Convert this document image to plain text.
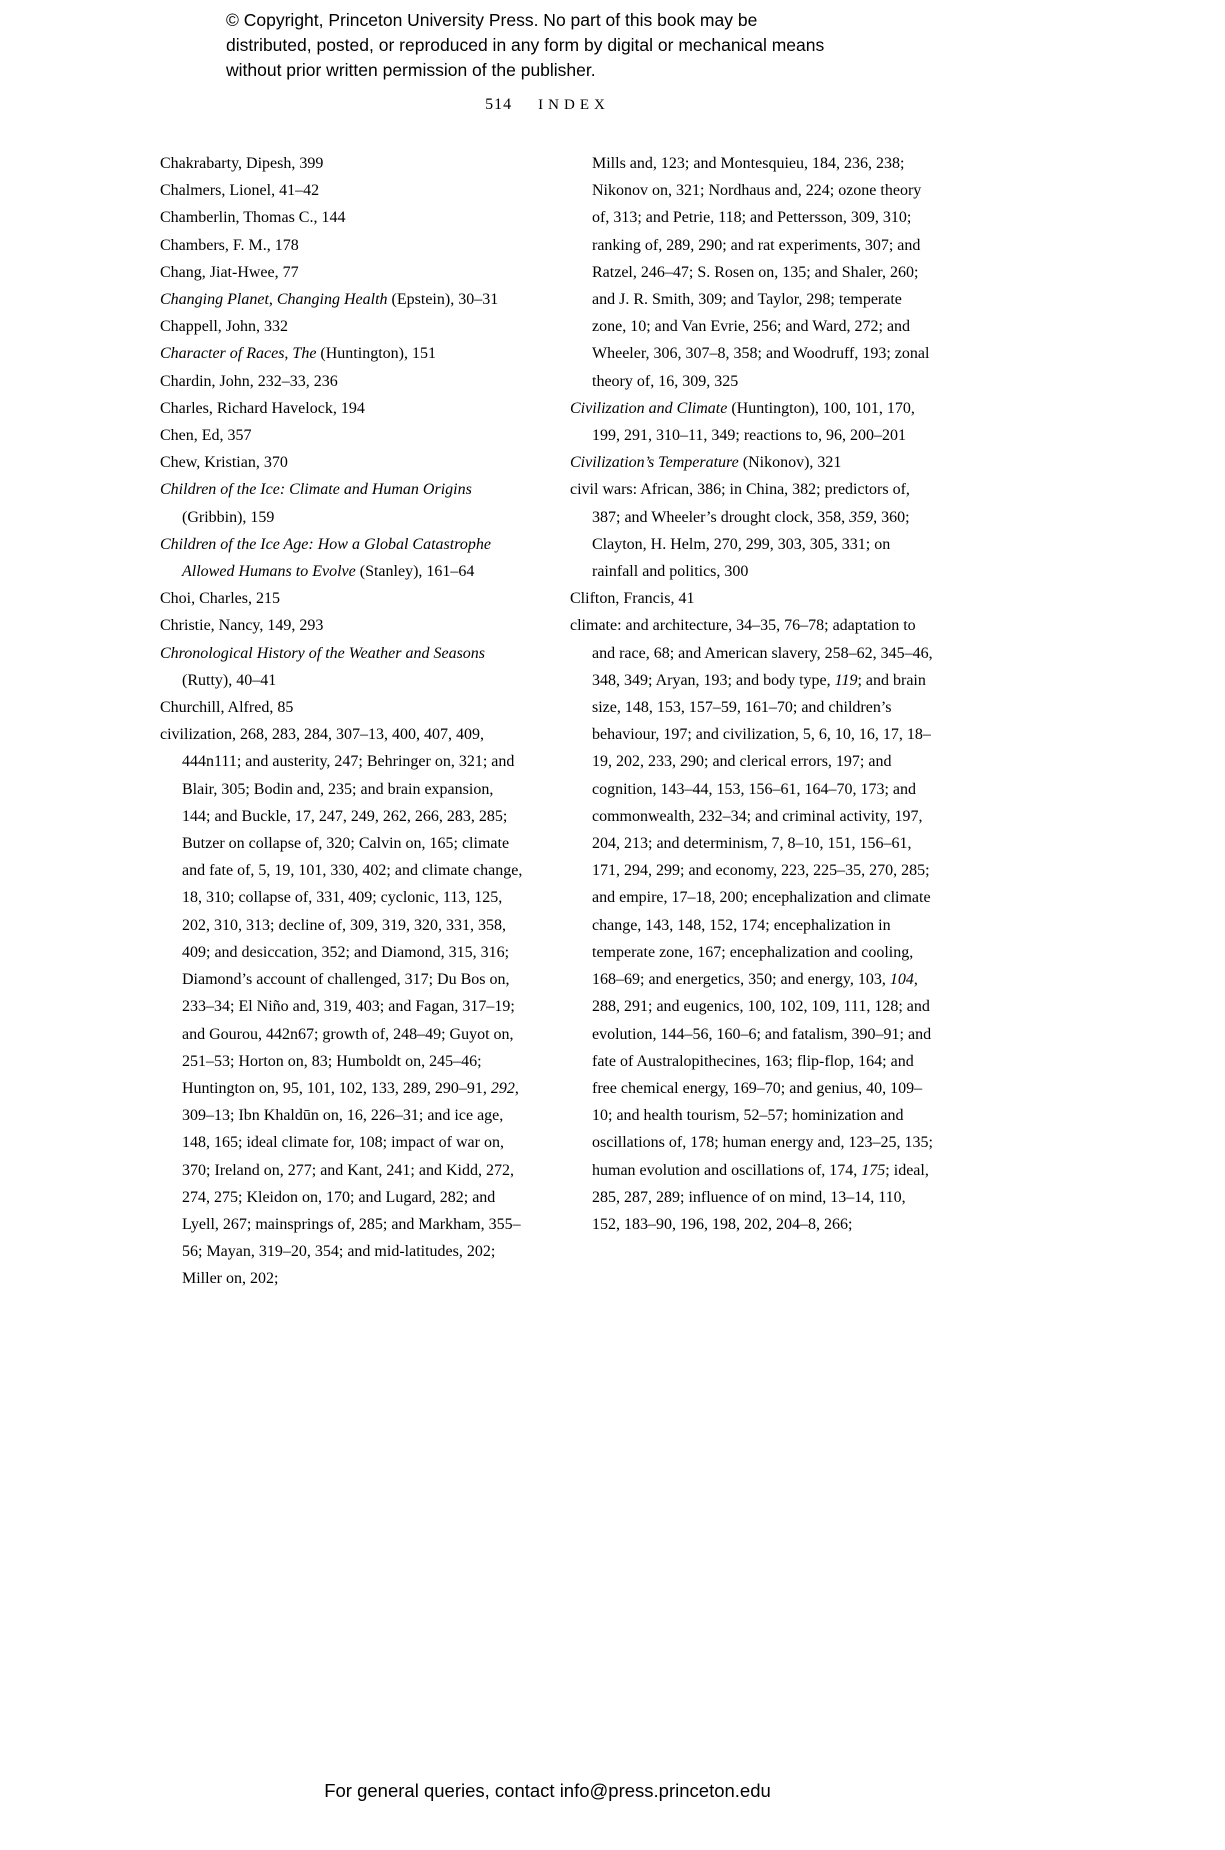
© Copyright, Princeton University Press. No part of this book may be distributed, posted, or reproduced in any form by digital or mechanical means without prior written permission of the publisher.
514 INDEX
Chakrabarty, Dipesh, 399
Chalmers, Lionel, 41–42
Chamberlin, Thomas C., 144
Chambers, F. M., 178
Chang, Jiat-Hwee, 77
Changing Planet, Changing Health (Epstein), 30–31
Chappell, John, 332
Character of Races, The (Huntington), 151
Chardin, John, 232–33, 236
Charles, Richard Havelock, 194
Chen, Ed, 357
Chew, Kristian, 370
Children of the Ice: Climate and Human Origins (Gribbin), 159
Children of the Ice Age: How a Global Catastrophe Allowed Humans to Evolve (Stanley), 161–64
Choi, Charles, 215
Christie, Nancy, 149, 293
Chronological History of the Weather and Seasons (Rutty), 40–41
Churchill, Alfred, 85
civilization, 268, 283, 284, 307–13, 400, 407, 409, 444n111; and austerity, 247; Behringer on, 321; and Blair, 305; Bodin and, 235; and brain expansion, 144; and Buckle, 17, 247, 249, 262, 266, 283, 285; Butzer on collapse of, 320; Calvin on, 165; climate and fate of, 5, 19, 101, 330, 402; and climate change, 18, 310; collapse of, 331, 409; cyclonic, 113, 125, 202, 310, 313; decline of, 309, 319, 320, 331, 358, 409; and desiccation, 352; and Diamond, 315, 316; Diamond’s account of challenged, 317; Du Bos on, 233–34; El Niño and, 319, 403; and Fagan, 317–19; and Gourou, 442n67; growth of, 248–49; Guyot on, 251–53; Horton on, 83; Humboldt on, 245–46; Huntington on, 95, 101, 102, 133, 289, 290–91, 292, 309–13; Ibn Khaldūn on, 16, 226–31; and ice age, 148, 165; ideal climate for, 108; impact of war on, 370; Ireland on, 277; and Kant, 241; and Kidd, 272, 274, 275; Kleidon on, 170; and Lugard, 282; and Lyell, 267; mainsprings of, 285; and Markham, 355–56; Mayan, 319–20, 354; and mid-latitudes, 202; Miller on, 202;
Mills and, 123; and Montesquieu, 184, 236, 238; Nikonov on, 321; Nordhaus and, 224; ozone theory of, 313; and Petrie, 118; and Pettersson, 309, 310; ranking of, 289, 290; and rat experiments, 307; and Ratzel, 246–47; S. Rosen on, 135; and Shaler, 260; and J. R. Smith, 309; and Taylor, 298; temperate zone, 10; and Van Evrie, 256; and Ward, 272; and Wheeler, 306, 307–8, 358; and Woodruff, 193; zonal theory of, 16, 309, 325
Civilization and Climate (Huntington), 100, 101, 170, 199, 291, 310–11, 349; reactions to, 96, 200–201
Civilization’s Temperature (Nikonov), 321
civil wars: African, 386; in China, 382; predictors of, 387; and Wheeler’s drought clock, 358, 359, 360; Clayton, H. Helm, 270, 299, 303, 305, 331; on rainfall and politics, 300
Clifton, Francis, 41
climate: and architecture, 34–35, 76–78; adaptation to and race, 68; and American slavery, 258–62, 345–46, 348, 349; Aryan, 193; and body type, 119; and brain size, 148, 153, 157–59, 161–70; and children’s behaviour, 197; and civilization, 5, 6, 10, 16, 17, 18–19, 202, 233, 290; and clerical errors, 197; and cognition, 143–44, 153, 156–61, 164–70, 173; and commonwealth, 232–34; and criminal activity, 197, 204, 213; and determinism, 7, 8–10, 151, 156–61, 171, 294, 299; and economy, 223, 225–35, 270, 285; and empire, 17–18, 200; encephalization and climate change, 143, 148, 152, 174; encephalization in temperate zone, 167; encephalization and cooling, 168–69; and energetics, 350; and energy, 103, 104, 288, 291; and eugenics, 100, 102, 109, 111, 128; and evolution, 144–56, 160–6; and fatalism, 390–91; and fate of Australopithecines, 163; flip-flop, 164; and free chemical energy, 169–70; and genius, 40, 109–10; and health tourism, 52–57; hominization and oscillations of, 178; human energy and, 123–25, 135; human evolution and oscillations of, 174, 175; ideal, 285, 287, 289; influence of on mind, 13–14, 110, 152, 183–90, 196, 198, 202, 204–8, 266;
For general queries, contact info@press.princeton.edu
